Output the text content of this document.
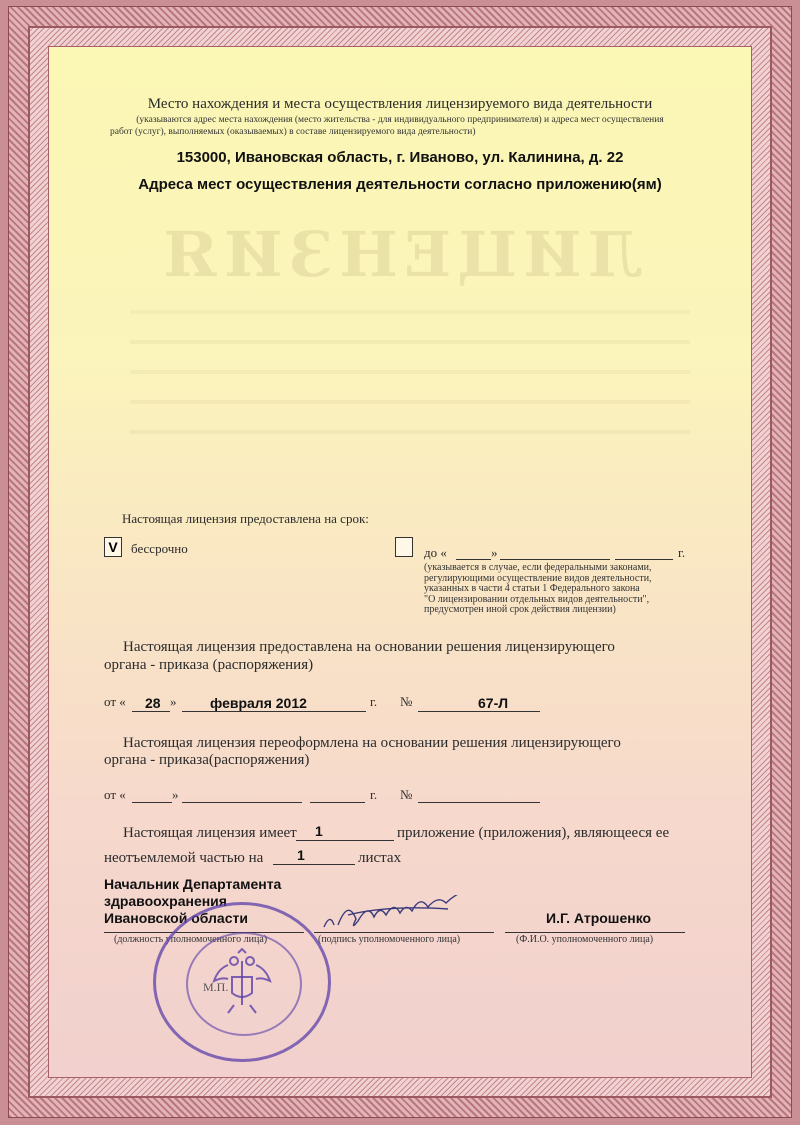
ЛИЦЕНЗИЯ
Место нахождения и места осуществления лицензируемого вида деятельности
(указываются адрес места нахождения (место жительства - для индивидуального предпринимателя) и адреса мест осуществления
работ (услуг), выполняемых (оказываемых) в составе лицензируемого вида деятельности)
153000, Ивановская область, г. Иваново, ул. Калинина, д. 22
Адреса мест осуществления деятельности согласно приложению(ям)
Настоящая лицензия предоставлена на срок:
V бессрочно	до «	»	г.
(указывается в случае, если федеральными законами,
регулирующими осуществление видов деятельности,
указанных в части 4 статьи 1 Федерального закона
"О лицензировании отдельных видов деятельности",
предусмотрен иной срок действия лицензии)
Настоящая лицензия предоставлена на основании решения лицензирующего
органа - приказа (распоряжения)
от « 28 » февраля 2012	г. №	67-Л
Настоящая лицензия переоформлена на основании решения лицензирующего
органа - приказа(распоряжения)
от «	»	г. №
Настоящая лицензия имеет 1	приложение (приложения), являющееся ее
неотъемлемой частью на 1	листах
Начальник Департамента
здравоохранения
Ивановской области	И.Г. Атрошенко
(должность уполномоченного лица)	(подпись уполномоченного лица)	(Ф.И.О. уполномоченного лица)
М.П.
